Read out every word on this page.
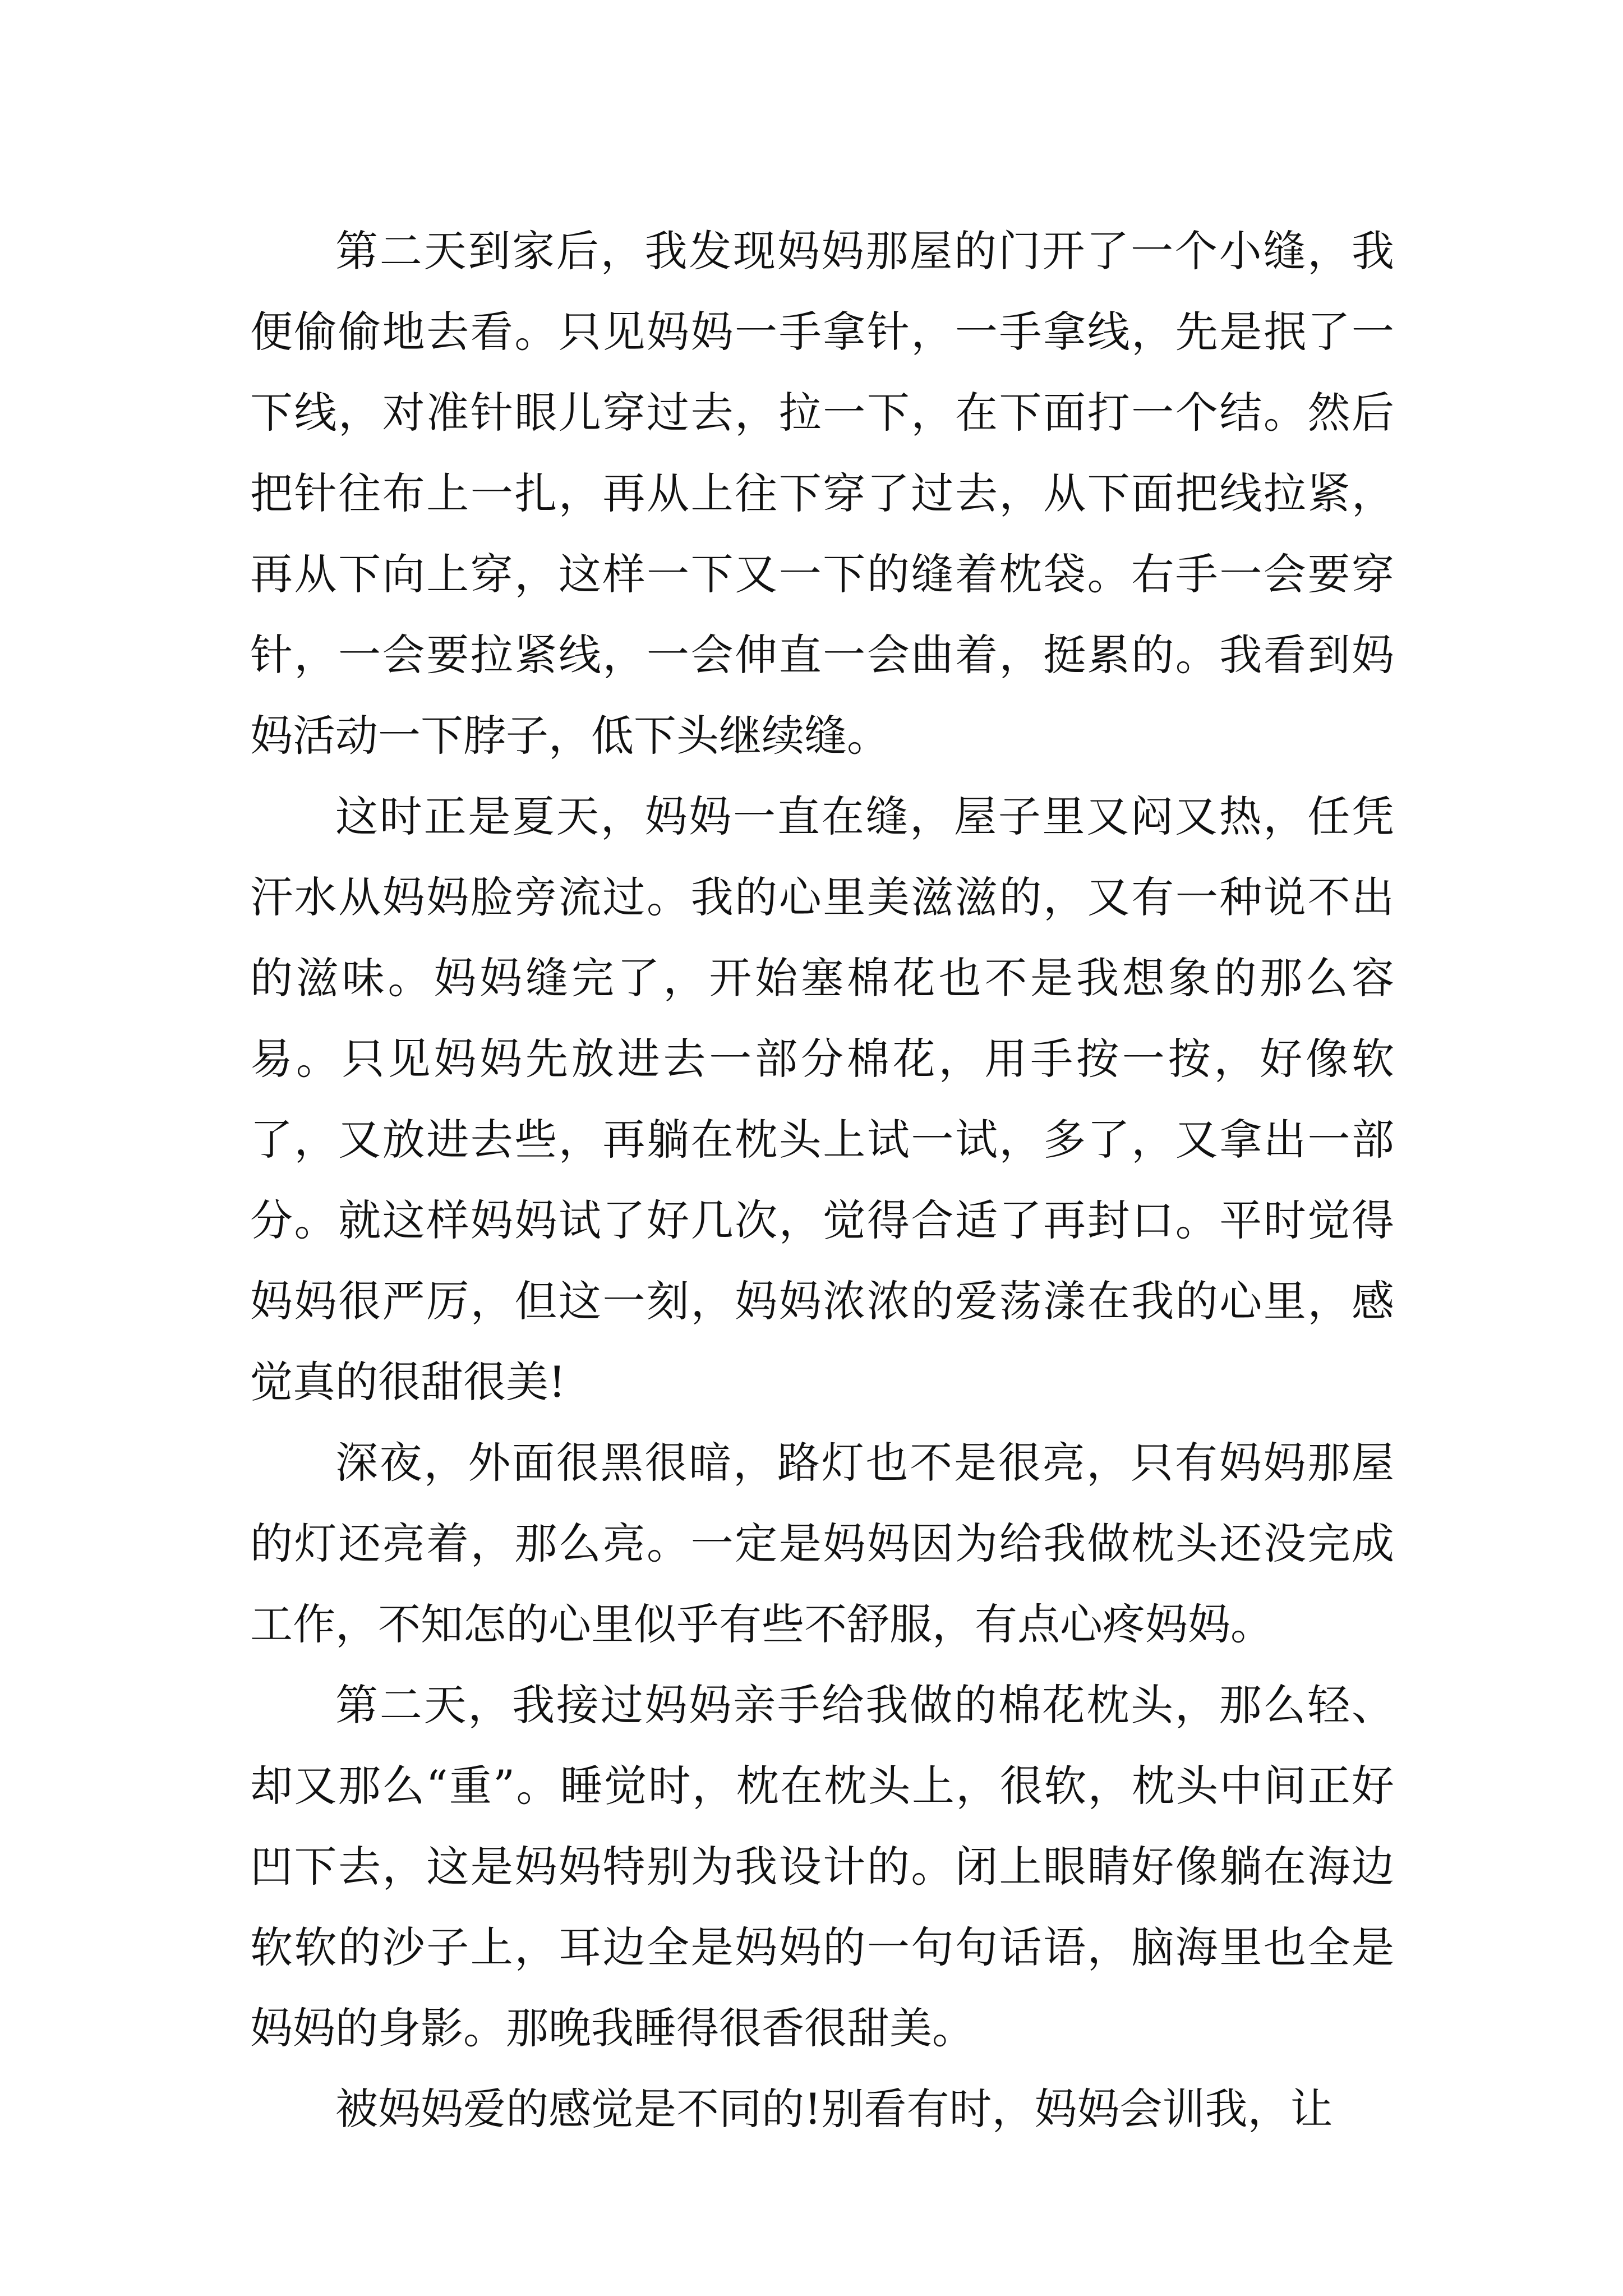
第二天到家后，我发现妈妈那屋的门开了一个小缝，我便偷偷地去看。只见妈妈一手拿针，一手拿线，先是抿了一下线，对准针眼儿穿过去，拉一下，在下面打一个结。然后把针往布上一扎，再从上往下穿了过去，从下面把线拉紧，再从下向上穿，这样一下又一下的缝着枕袋。右手一会要穿针，一会要拉紧线，一会伸直一会曲着，挺累的。我看到妈妈活动一下脖子，低下头继续缝。

这时正是夏天，妈妈一直在缝，屋子里又闷又热，任凭汗水从妈妈脸旁流过。我的心里美滋滋的，又有一种说不出的滋味。妈妈缝完了，开始塞棉花也不是我想象的那么容易。只见妈妈先放进去一部分棉花，用手按一按，好像软了，又放进去些，再躺在枕头上试一试，多了，又拿出一部分。就这样妈妈试了好几次，觉得合适了再封口。平时觉得妈妈很严厉，但这一刻，妈妈浓浓的爱荡漾在我的心里，感觉真的很甜很美!

深夜，外面很黑很暗，路灯也不是很亮，只有妈妈那屋的灯还亮着，那么亮。一定是妈妈因为给我做枕头还没完成工作，不知怎的心里似乎有些不舒服，有点心疼妈妈。

第二天，我接过妈妈亲手给我做的棉花枕头，那么轻、却又那么“重”。睡觉时，枕在枕头上，很软，枕头中间正好凹下去，这是妈妈特别为我设计的。闭上眼睛好像躺在海边软软的沙子上，耳边全是妈妈的一句句话语，脑海里也全是妈妈的身影。那晚我睡得很香很甜美。

被妈妈爱的感觉是不同的!别看有时，妈妈会训我，让
